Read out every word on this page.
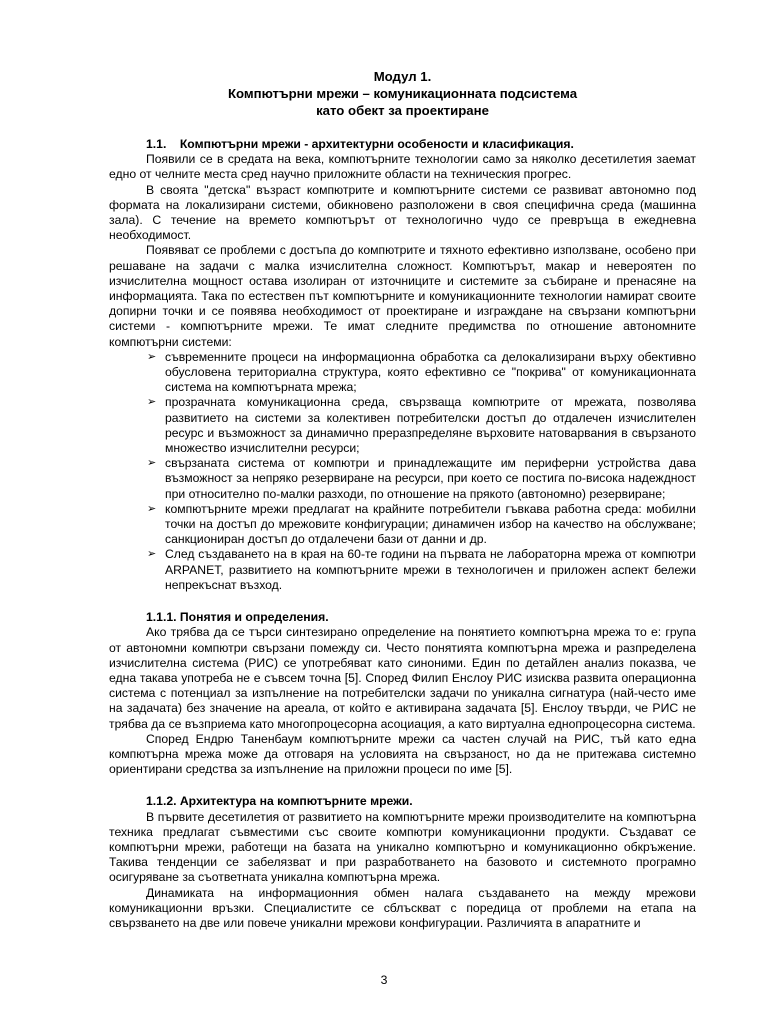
Модул 1.
Компютърни мрежи – комуникационната подсистема
като обект за проектиране
1.1.    Компютърни мрежи - архитектурни особености и класификация.

Появили се в средата на века, компютърните технологии само за няколко десетилетия заемат едно от челните места сред научно приложните области на техническия прогрес.

В своята "детска" възраст компютрите и компютърните системи се развиват автономно под формата на локализирани системи, обикновено разположени в своя специфична среда (машинна зала). С течение на времето компютърът от технологично чудо се превръща в ежедневна необходимост.

Появяват се проблеми с достъпа до компютрите и тяхното ефективно използване, особено при решаване на задачи с малка изчислителна сложност. Компютърът, макар и невероятен по изчислителна мощност остава изолиран от източниците и системите за събиране и пренасяне на информацията. Така по естествен път компютърните и комуникационните технологии намират своите допирни точки и се появява необходимост от проектиране и изграждане на свързани компютърни системи - компютърните мрежи. Те имат следните предимства по отношение автономните компютърни системи:

➢ съвременните процеси на информационна обработка са делокализирани върху обективно обусловена териториална структура, която ефективно се "покрива" от комуникационната система на компютърната мрежа;
➢ прозрачната комуникационна среда, свързваща компютрите от мрежата, позволява развитието на системи за колективен потребителски достъп до отдалечен изчислителен ресурс и възможност за динамично преразпределяне върховите натоварвания в свързаното множество изчислителни ресурси;
➢ свързаната система от компютри и принадлежащите им периферни устройства дава възможност за непряко резервиране на ресурси, при което се постига по-висока надеждност при относително по-малки разходи, по отношение на прякото (автономно) резервиране;
➢ компютърните мрежи предлагат на крайните потребители гъвкава работна среда: мобилни точки на достъп до мрежовите конфигурации; динамичен избор на качество на обслужване; санкциониран достъп до отдалечени бази от данни и др.
➢ След създаването на в края на 60-те години на първата не лабораторна мрежа от компютри ARPANET, развитието на компютърните мрежи в технологичен и приложен аспект бележи непрекъснат възход.
1.1.1. Понятия и определения.

Ако трябва да се търси синтезирано определение на понятието компютърна мрежа то е: група от автономни компютри свързани помежду си. Често понятията компютърна мрежа и разпределена изчислителна система (РИС) се употребяват като синоними. Един по детайлен анализ показва, че една такава употреба не е съвсем точна [5]. Според Филип Енслоу РИС изисква развита операционна система с потенциал за изпълнение на потребителски задачи по уникална сигнатура (най-често име на задачата) без значение на ареала, от който е активирана задачата [5]. Енслоу твърди, че РИС не трябва да се възприема като многопроцесорна асоциация, а като виртуална еднопроцесорна система.

Според Ендрю Таненбаум компютърните мрежи са частен случай на РИС, тъй като една компютърна мрежа може да отговаря на условията на свързаност, но да не притежава системно ориентирани средства за изпълнение на приложни процеси по име [5].

1.1.2. Архитектура на компютърните мрежи.

В първите десетилетия от развитието на компютърните мрежи производителите на компютърна техника предлагат съвместими със своите компютри комуникационни продукти. Създават се компютърни мрежи, работещи на базата на уникално компютърно и комуникационно обкръжение. Такива тенденции се забелязват и при разработването на базовото и системното програмно осигуряване за съответната уникална компютърна мрежа.

Динамиката на информационния обмен налага създаването на между мрежови комуникационни връзки. Специалистите се сблъскват с поредица от проблеми на етапа на свързването на две или повече уникални мрежови конфигурации. Различията в апаратните и

3
